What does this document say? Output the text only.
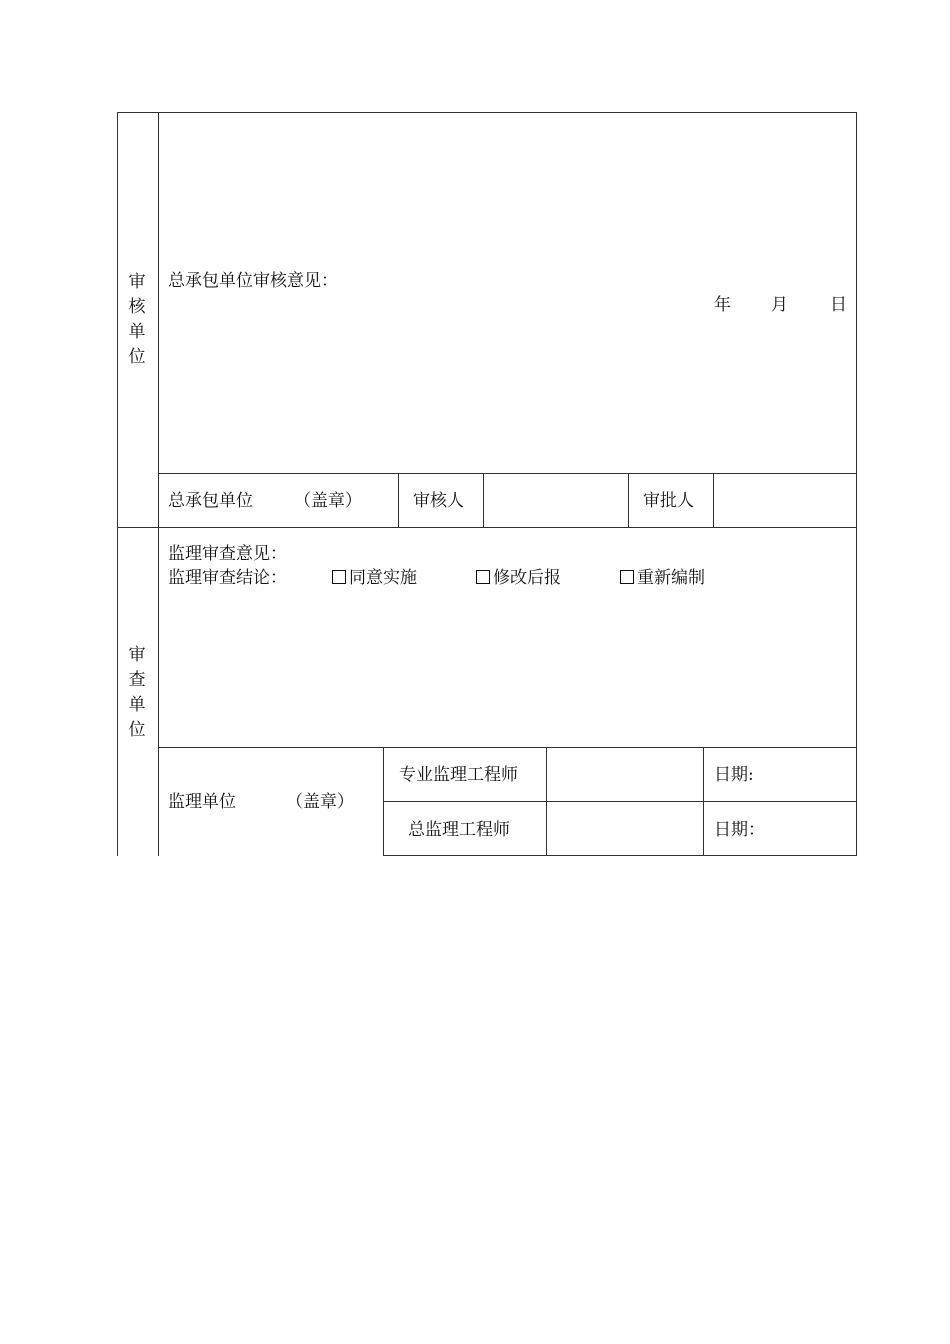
审核单位
总承包单位审核意见：
年 月 日
总承包单位 （盖章）	审核人	审批人
审查单位
监理审查意见：
监理审查结论：	同意实施	修改后报	重新编制
监理单位	（盖章）
专业监理工程师	日期:
总监理工程师	日期：
